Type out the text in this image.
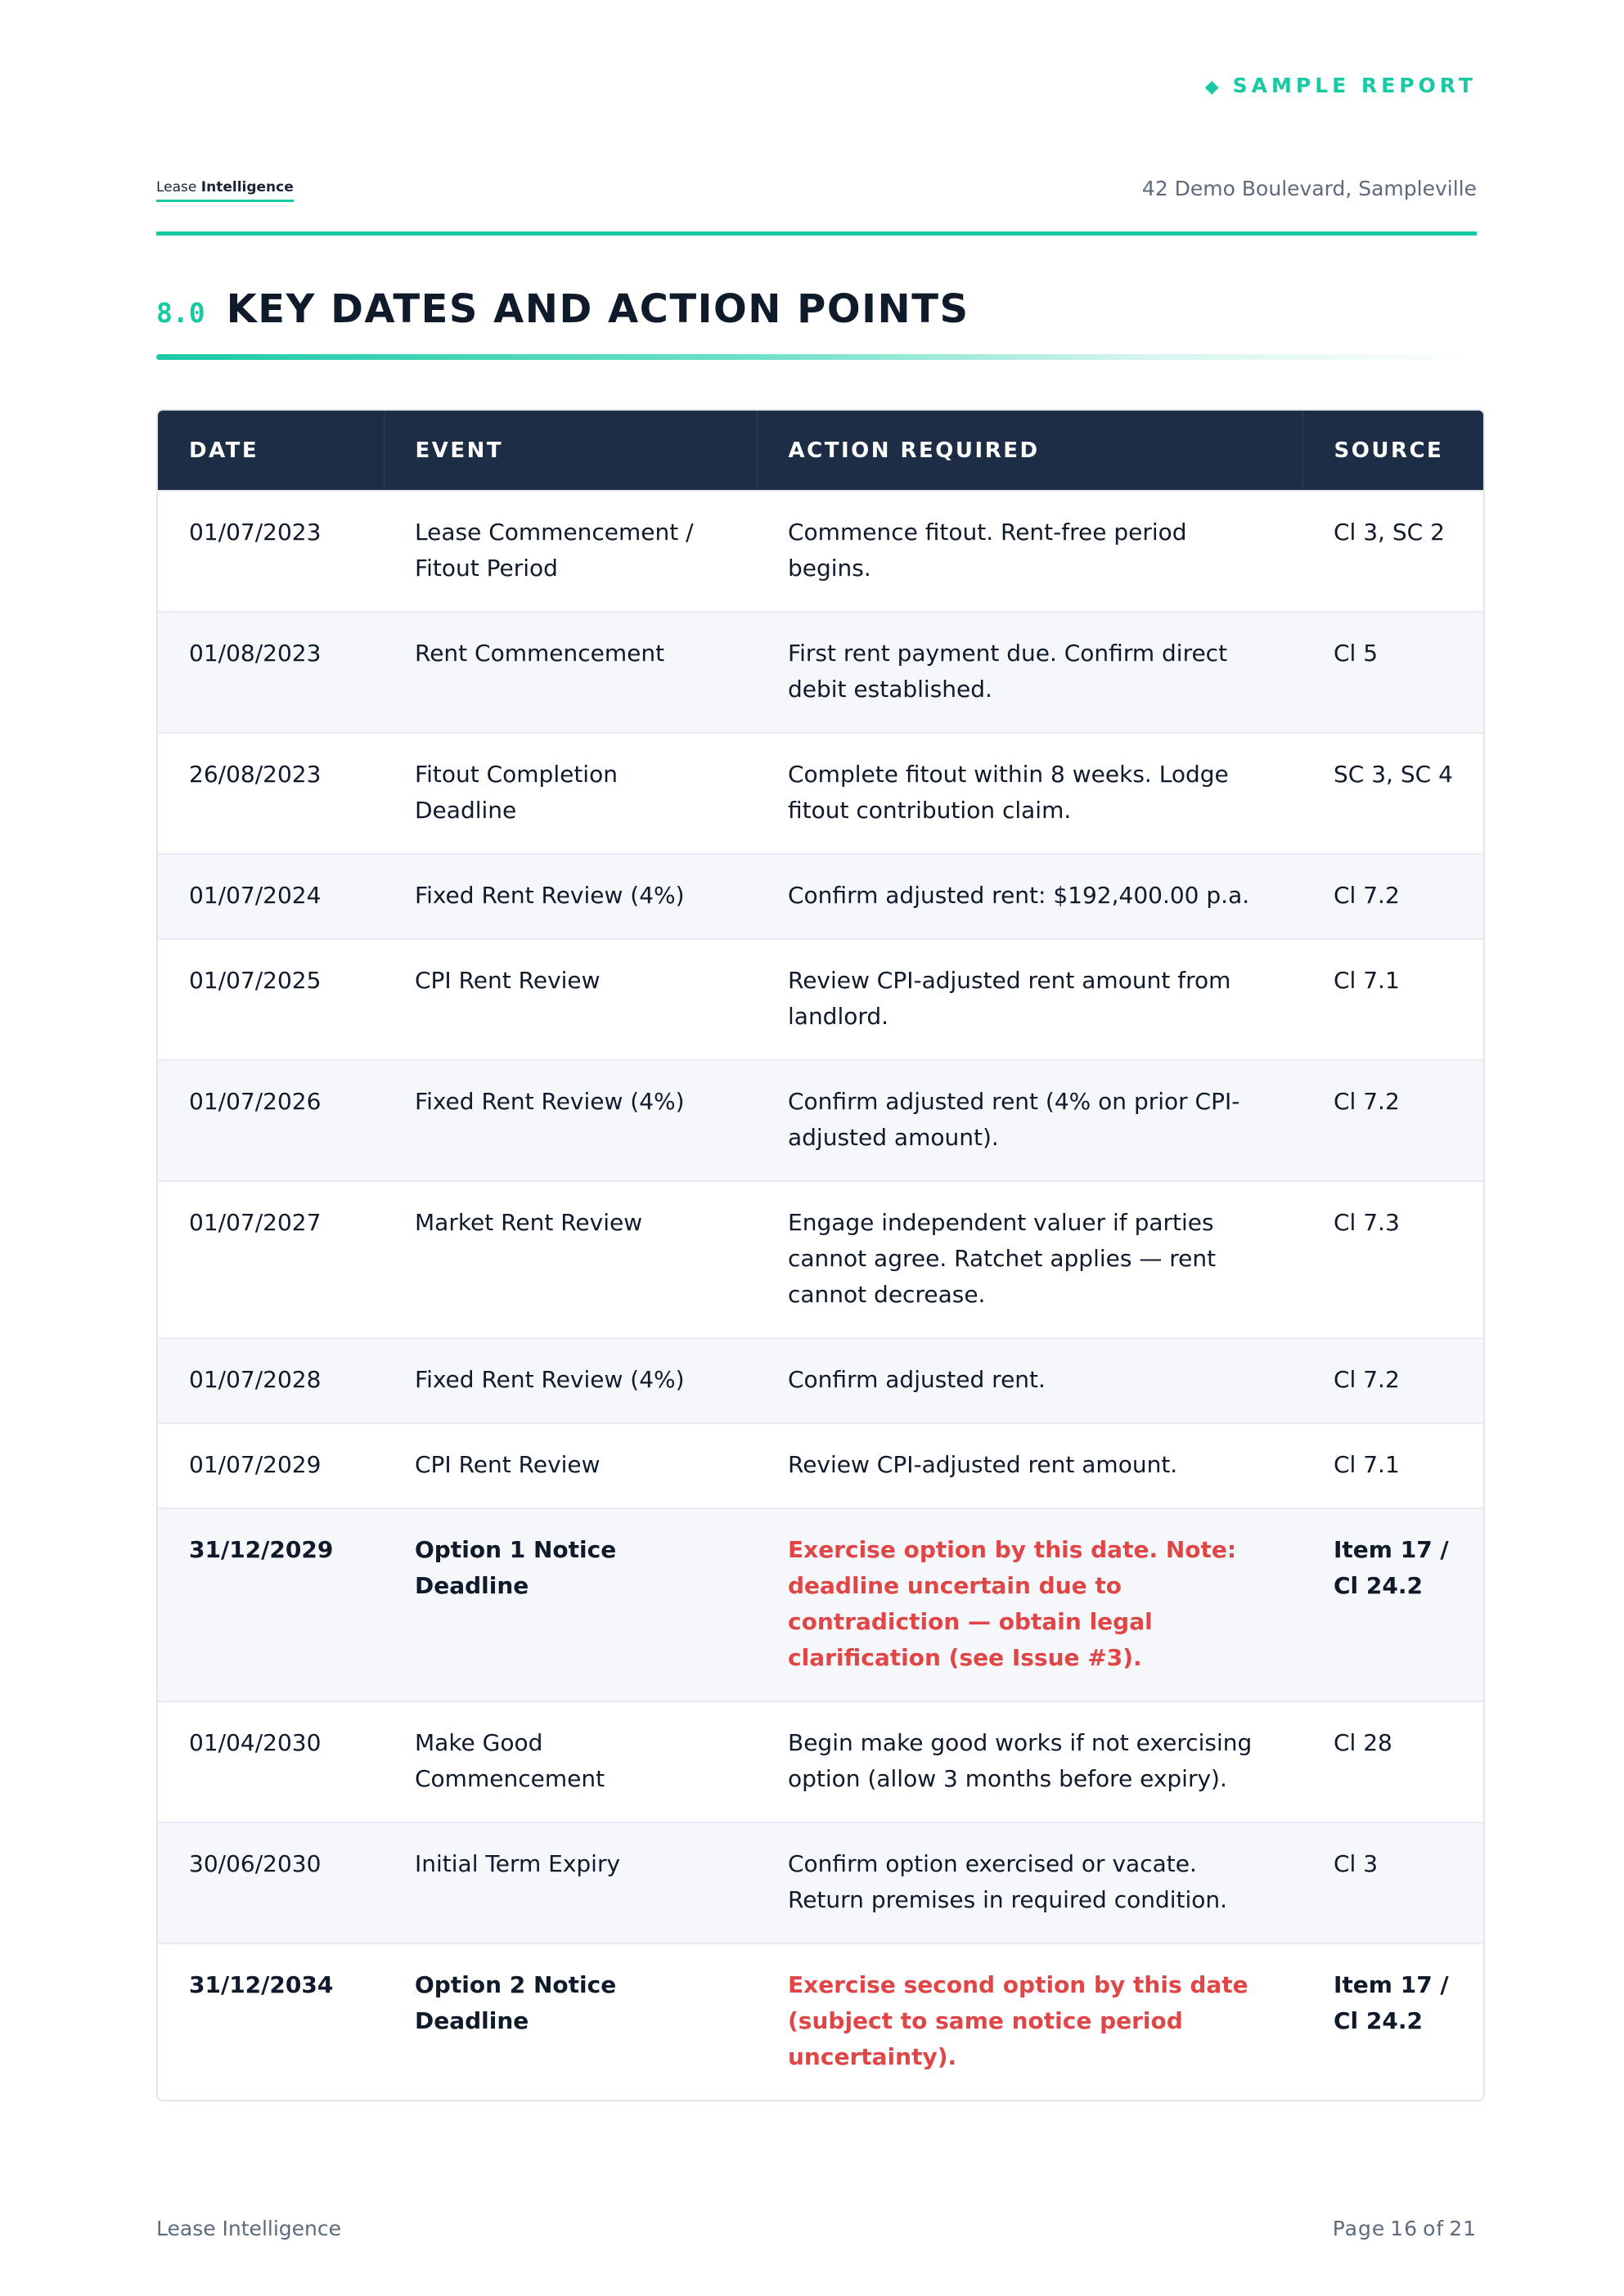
◆ SAMPLE REPORT
Lease Intelligence	42 Demo Boulevard, Sampleville
8.0 KEY DATES AND ACTION POINTS
DATE	EVENT	ACTION REQUIRED	SOURCE
01/07/2023	Lease Commencement / Fitout Period	Commence fitout. Rent-free period begins.	Cl 3, SC 2
01/08/2023	Rent Commencement	First rent payment due. Confirm direct debit established.	Cl 5
26/08/2023	Fitout Completion Deadline	Complete fitout within 8 weeks. Lodge fitout contribution claim.	SC 3, SC 4
01/07/2024	Fixed Rent Review (4%)	Confirm adjusted rent: $192,400.00 p.a.	Cl 7.2
01/07/2025	CPI Rent Review	Review CPI-adjusted rent amount from landlord.	Cl 7.1
01/07/2026	Fixed Rent Review (4%)	Confirm adjusted rent (4% on prior CPI-adjusted amount).	Cl 7.2
01/07/2027	Market Rent Review	Engage independent valuer if parties cannot agree. Ratchet applies — rent cannot decrease.	Cl 7.3
01/07/2028	Fixed Rent Review (4%)	Confirm adjusted rent.	Cl 7.2
01/07/2029	CPI Rent Review	Review CPI-adjusted rent amount.	Cl 7.1
31/12/2029	Option 1 Notice Deadline	Exercise option by this date. Note: deadline uncertain due to contradiction — obtain legal clarification (see Issue #3).	Item 17 / Cl 24.2
01/04/2030	Make Good Commencement	Begin make good works if not exercising option (allow 3 months before expiry).	Cl 28
30/06/2030	Initial Term Expiry	Confirm option exercised or vacate. Return premises in required condition.	Cl 3
31/12/2034	Option 2 Notice Deadline	Exercise second option by this date (subject to same notice period uncertainty).	Item 17 / Cl 24.2
Lease Intelligence	Page 16 of 21
